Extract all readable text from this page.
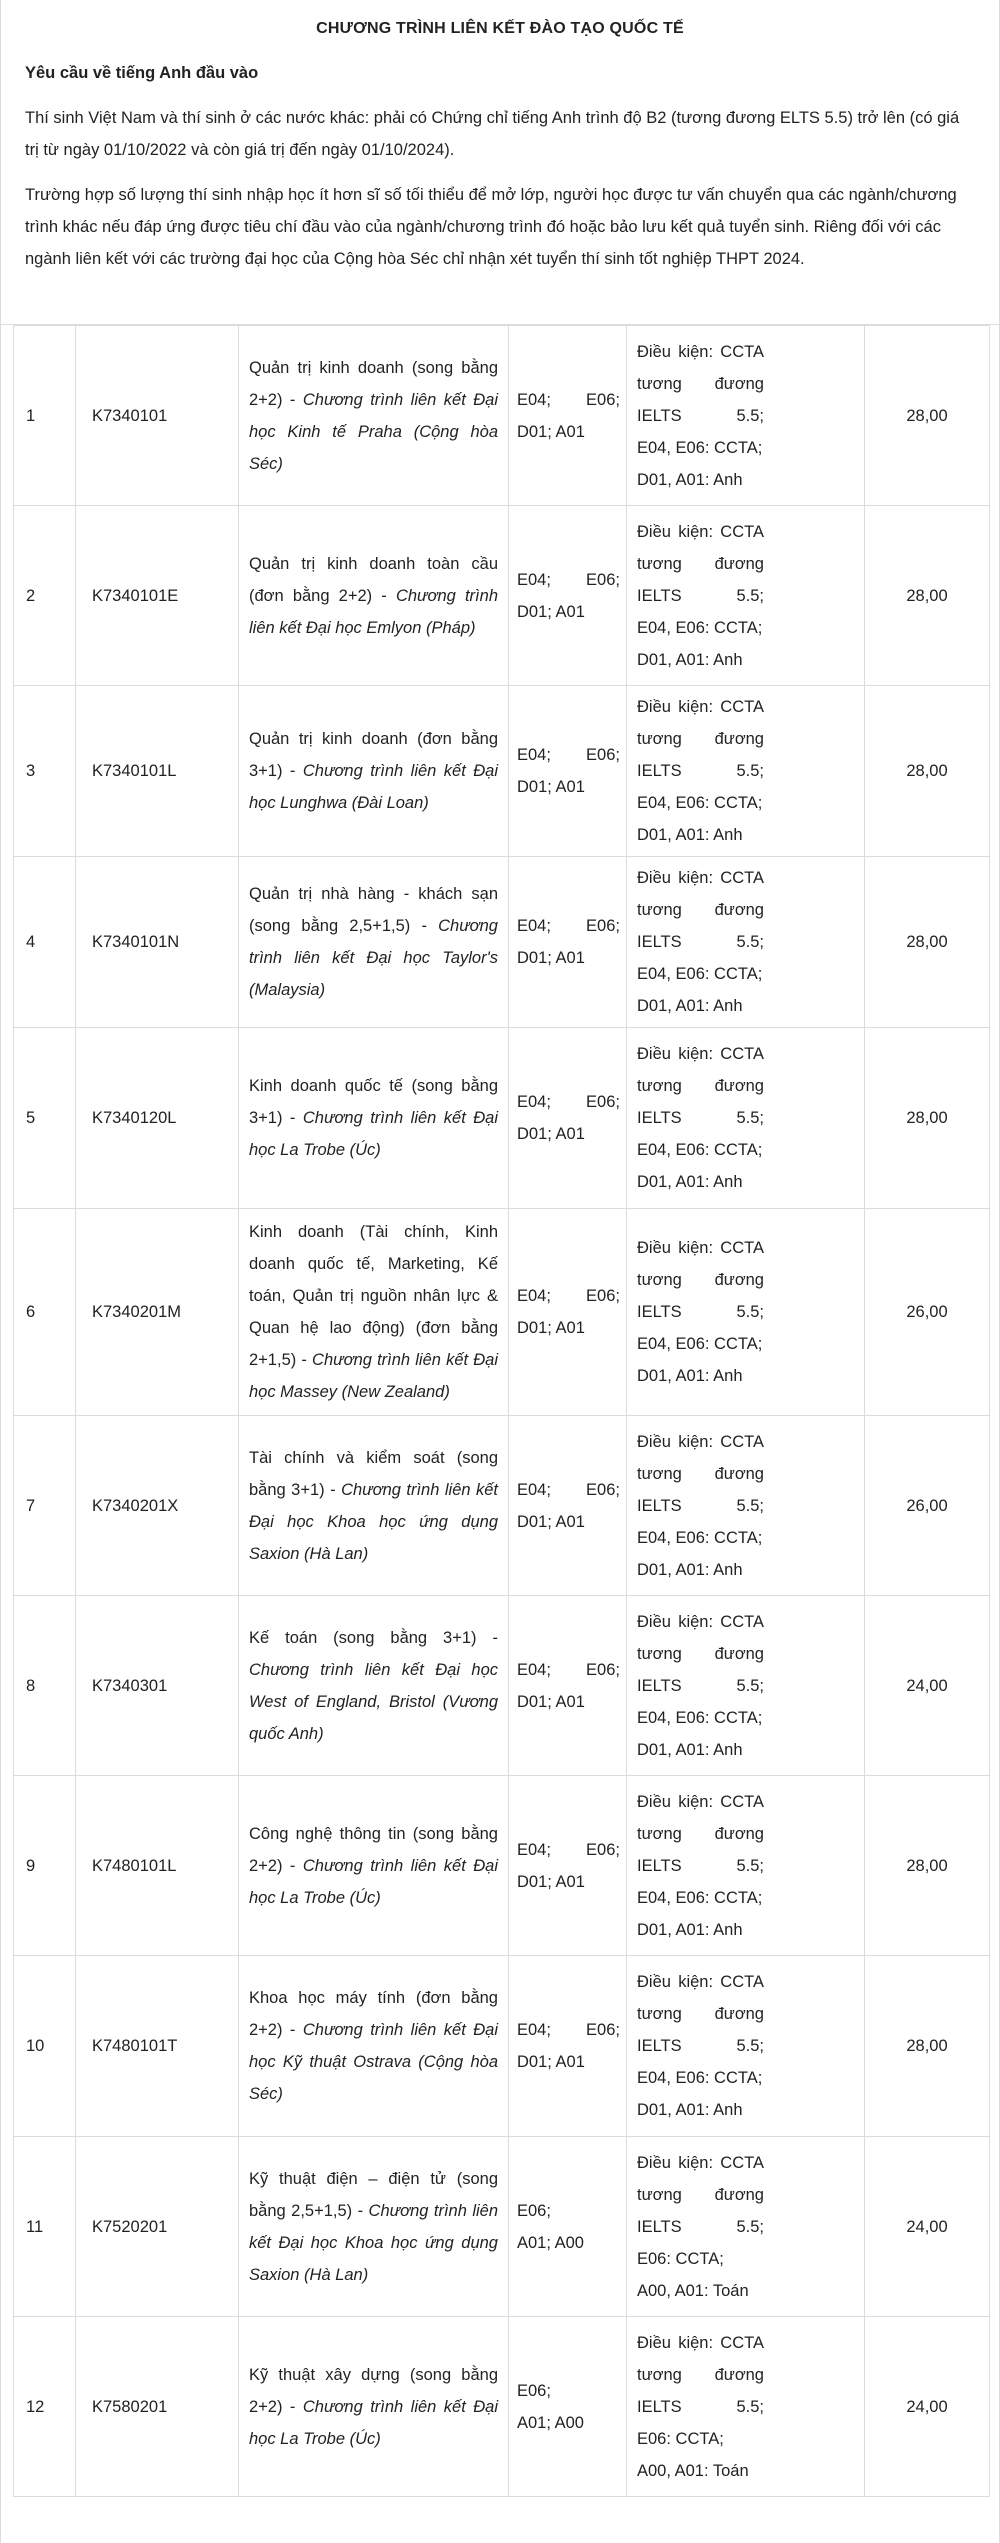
CHƯƠNG TRÌNH LIÊN KẾT ĐÀO TẠO QUỐC TẾ
Yêu cầu về tiếng Anh đầu vào

Thí sinh Việt Nam và thí sinh ở các nước khác: phải có Chứng chỉ tiếng Anh trình độ B2 (tương đương ELTS 5.5) trở lên (có giá trị từ ngày 01/10/2022 và còn giá trị đến ngày 01/10/2024).

Trường hợp số lượng thí sinh nhập học ít hơn sĩ số tối thiểu để mở lớp, người học được tư vấn chuyển qua các ngành/chương trình khác nếu đáp ứng được tiêu chí đầu vào của ngành/chương trình đó hoặc bảo lưu kết quả tuyển sinh. Riêng đối với các ngành liên kết với các trường đại học của Cộng hòa Séc chỉ nhận xét tuyển thí sinh tốt nghiệp THPT 2024.

1	K7340101	Quản trị kinh doanh (song bằng 2+2) - Chương trình liên kết Đại học Kinh tế Praha (Cộng hòa Séc)	E04; E06;
D01; A01	Điều kiện: CCTA tương đương IELTS 5.5;
E04, E06: CCTA;
D01, A01: Anh	28,00
2	K7340101E	Quản trị kinh doanh toàn cầu (đơn bằng 2+2) - Chương trình liên kết Đại học Emlyon (Pháp)	E04; E06;
D01; A01	Điều kiện: CCTA tương đương IELTS 5.5;
E04, E06: CCTA;
D01, A01: Anh	28,00
3	K7340101L	Quản trị kinh doanh (đơn bằng 3+1) - Chương trình liên kết Đại học Lunghwa (Đài Loan)	E04; E06;
D01; A01	Điều kiện: CCTA tương đương IELTS 5.5;
E04, E06: CCTA;
D01, A01: Anh	28,00
4	K7340101N	Quản trị nhà hàng - khách sạn (song bằng 2,5+1,5) - Chương trình liên kết Đại học Taylor's (Malaysia)	E04; E06;
D01; A01	Điều kiện: CCTA tương đương IELTS 5.5;
E04, E06: CCTA;
D01, A01: Anh	28,00
5	K7340120L	Kinh doanh quốc tế (song bằng 3+1) - Chương trình liên kết Đại học La Trobe (Úc)	E04; E06;
D01; A01	Điều kiện: CCTA tương đương IELTS 5.5;
E04, E06: CCTA;
D01, A01: Anh	28,00
6	K7340201M	Kinh doanh (Tài chính, Kinh doanh quốc tế, Marketing, Kế toán, Quản trị nguồn nhân lực & Quan hệ lao động) (đơn bằng 2+1,5) - Chương trình liên kết Đại học Massey (New Zealand)	E04; E06;
D01; A01	Điều kiện: CCTA tương đương IELTS 5.5;
E04, E06: CCTA;
D01, A01: Anh	26,00
7	K7340201X	Tài chính và kiểm soát (song bằng 3+1) - Chương trình liên kết Đại học Khoa học ứng dụng Saxion (Hà Lan)	E04; E06;
D01; A01	Điều kiện: CCTA tương đương IELTS 5.5;
E04, E06: CCTA;
D01, A01: Anh	26,00
8	K7340301	Kế toán (song bằng 3+1) - Chương trình liên kết Đại học West of England, Bristol (Vương quốc Anh)	E04; E06;
D01; A01	Điều kiện: CCTA tương đương IELTS 5.5;
E04, E06: CCTA;
D01, A01: Anh	24,00
9	K7480101L	Công nghệ thông tin (song bằng 2+2) - Chương trình liên kết Đại học La Trobe (Úc)	E04; E06;
D01; A01	Điều kiện: CCTA tương đương IELTS 5.5;
E04, E06: CCTA;
D01, A01: Anh	28,00
10	K7480101T	Khoa học máy tính (đơn bằng 2+2) - Chương trình liên kết Đại học Kỹ thuật Ostrava (Cộng hòa Séc)	E04; E06;
D01; A01	Điều kiện: CCTA tương đương IELTS 5.5;
E04, E06: CCTA;
D01, A01: Anh	28,00
11	K7520201	Kỹ thuật điện – điện tử (song bằng 2,5+1,5) - Chương trình liên kết Đại học Khoa học ứng dụng Saxion (Hà Lan)	E06;
A01; A00	Điều kiện: CCTA tương đương IELTS 5.5;
E06: CCTA;
A00, A01: Toán	24,00
12	K7580201	Kỹ thuật xây dựng (song bằng 2+2) - Chương trình liên kết Đại học La Trobe (Úc)	E06;
A01; A00	Điều kiện: CCTA tương đương IELTS 5.5;
E06: CCTA;
A00, A01: Toán	24,00
